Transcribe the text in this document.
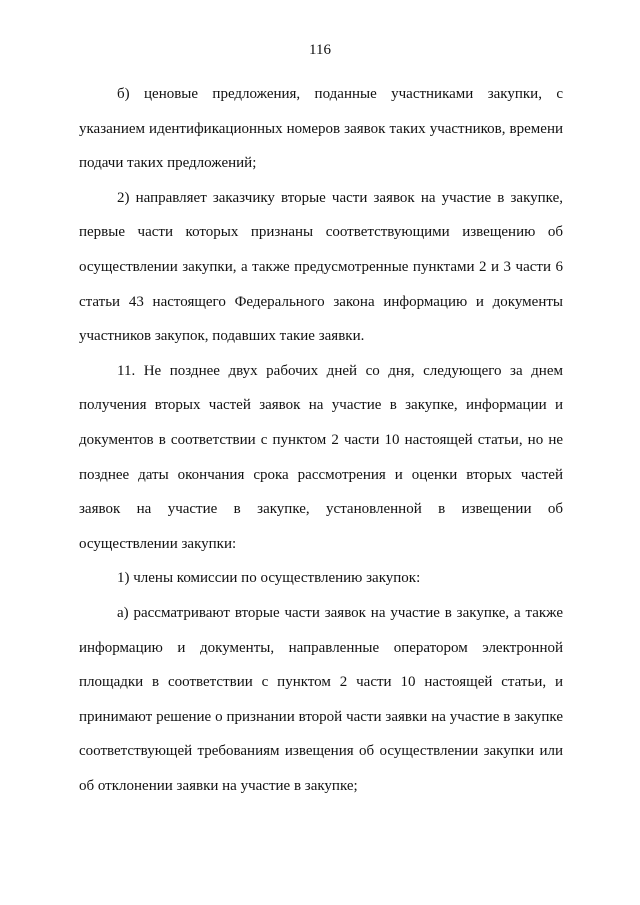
116
б) ценовые предложения, поданные участниками закупки, с
указанием идентификационных номеров заявок таких участников, времени
подачи таких предложений;
2) направляет заказчику вторые части заявок на участие в закупке,
первые части которых признаны соответствующими извещению об
осуществлении закупки, а также предусмотренные пунктами 2 и 3 части 6
статьи 43 настоящего Федерального закона информацию и документы
участников закупок, подавших такие заявки.
11. Не позднее двух рабочих дней со дня, следующего за днем
получения вторых частей заявок на участие в закупке, информации и
документов в соответствии с пунктом 2 части 10 настоящей статьи, но не
позднее даты окончания срока рассмотрения и оценки вторых частей
заявок на участие в закупке, установленной в извещении об
осуществлении закупки:
1) члены комиссии по осуществлению закупок:
а) рассматривают вторые части заявок на участие в закупке, а также
информацию и документы, направленные оператором электронной
площадки в соответствии с пунктом 2 части 10 настоящей статьи, и
принимают решение о признании второй части заявки на участие в закупке
соответствующей требованиям извещения об осуществлении закупки или
об отклонении заявки на участие в закупке;
